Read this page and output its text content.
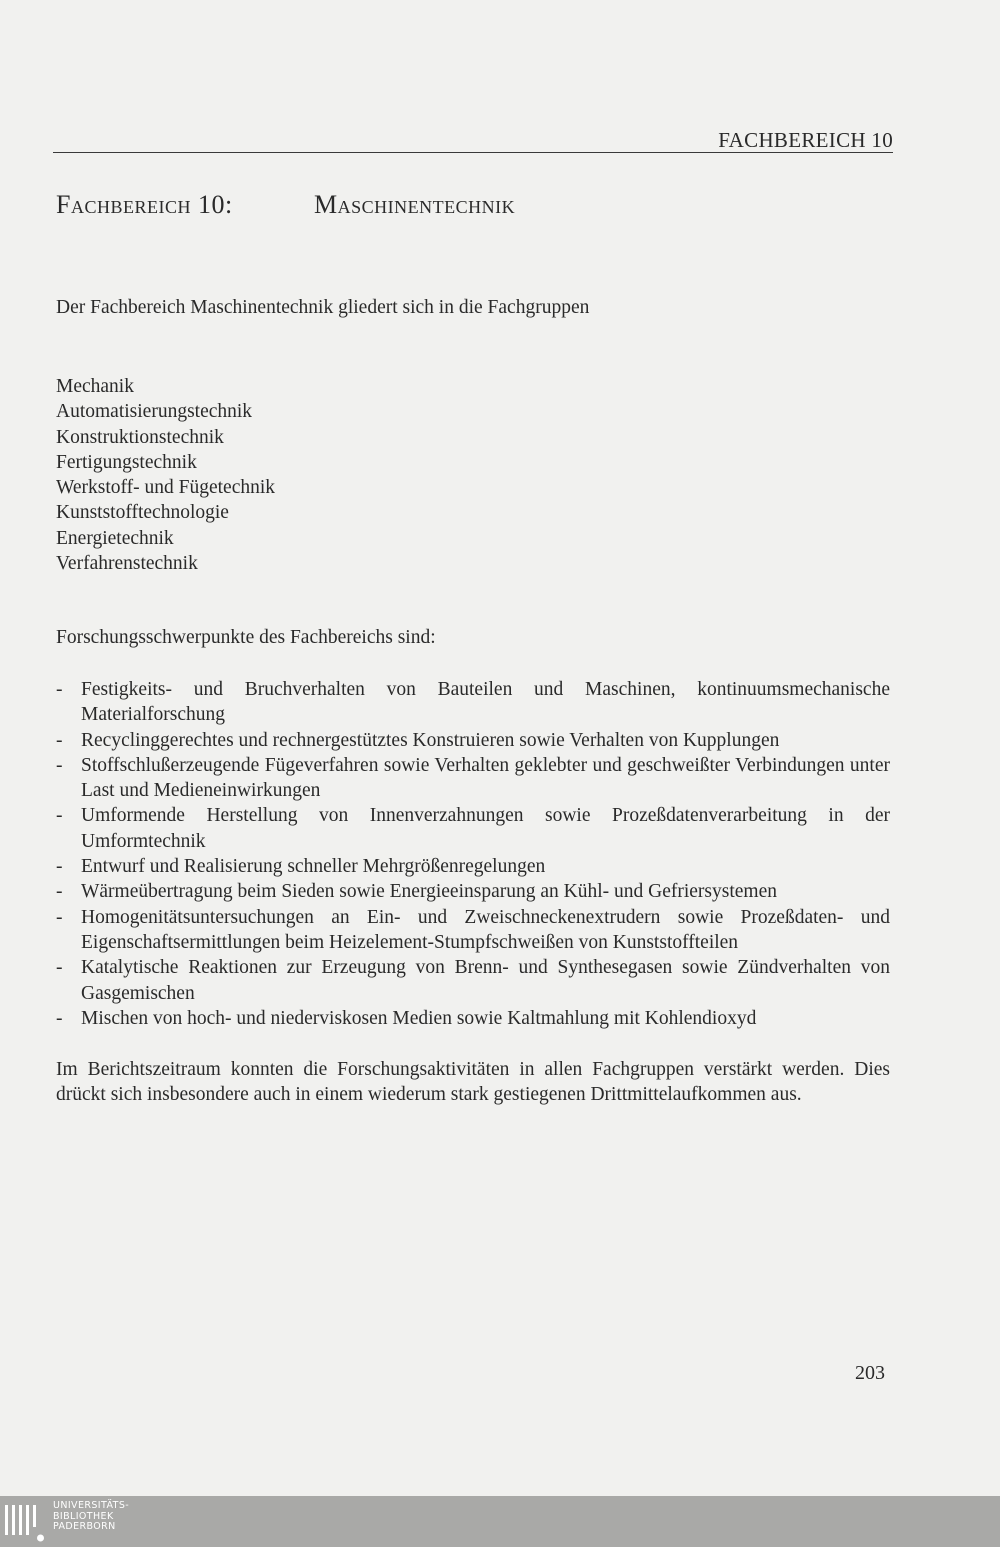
FACHBEREICH 10
Fachbereich 10:	Maschinentechnik
Der Fachbereich Maschinentechnik gliedert sich in die Fachgruppen
Mechanik
Automatisierungstechnik
Konstruktionstechnik
Fertigungstechnik
Werkstoff- und Fügetechnik
Kunststofftechnologie
Energietechnik
Verfahrenstechnik
Forschungsschwerpunkte des Fachbereichs sind:
- Festigkeits- und Bruchverhalten von Bauteilen und Maschinen, kontinuumsmechanische Materialforschung
- Recyclinggerechtes und rechnergestütztes Konstruieren sowie Verhalten von Kupplungen
- Stoffschlußerzeugende Fügeverfahren sowie Verhalten geklebter und geschweißter Verbindungen unter Last und Medieneinwirkungen
- Umformende Herstellung von Innenverzahnungen sowie Prozeßdatenverarbeitung in der Umformtechnik
- Entwurf und Realisierung schneller Mehrgrößenregelungen
- Wärmeübertragung beim Sieden sowie Energieeinsparung an Kühl- und Gefriersystemen
- Homogenitätsuntersuchungen an Ein- und Zweischneckenextrudern sowie Prozeßdaten- und Eigenschaftsermittlungen beim Heizelement-Stumpfschweißen von Kunststoffteilen
- Katalytische Reaktionen zur Erzeugung von Brenn- und Synthesegasen sowie Zündverhalten von Gasgemischen
- Mischen von hoch- und niederviskosen Medien sowie Kaltmahlung mit Kohlendioxyd

Im Berichtszeitraum konnten die Forschungsaktivitäten in allen Fachgruppen verstärkt werden. Dies drückt sich insbesondere auch in einem wiederum stark gestiegenen Drittmittelaufkommen aus.

203
UNIVERSITÄTS-
BIBLIOTHEK
PADERBORN
